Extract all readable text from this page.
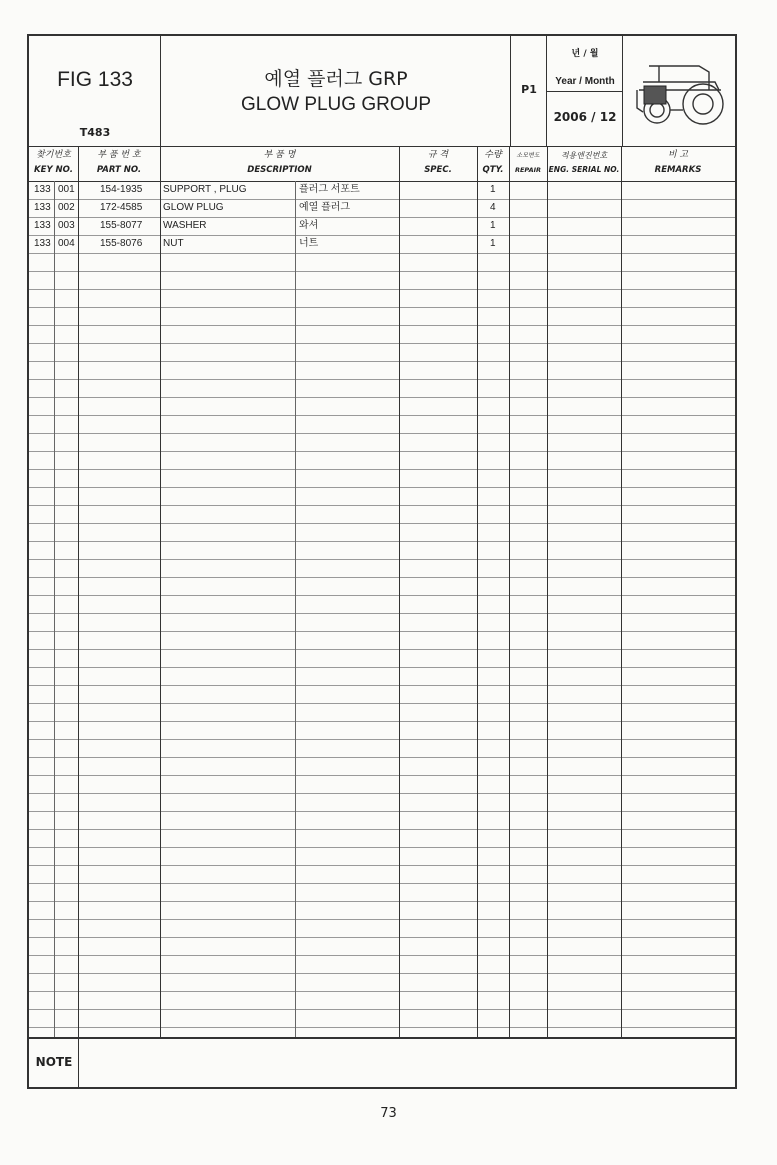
FIG 133
T483
예열 플러그 GRP
GLOW PLUG GROUP
P1
년 / 월
Year / Month
2006 / 12
찾기번호
KEY NO.
부 품 번 호
PART NO.
부 품 명
DESCRIPTION
규 격
SPEC.
수량
QTY.
소모변도
REPAIR
적용엔진번호
ENG. SERIAL NO.
비 고
REMARKS
133 001	154-1935 SUPPORT , PLUG	플러그 서포트	1
133 002	172-4585 GLOW PLUG	예열 플러그	4
133 003	155-8077 WASHER	와셔	1
133 004	155-8076 NUT	너트	1
NOTE
73
